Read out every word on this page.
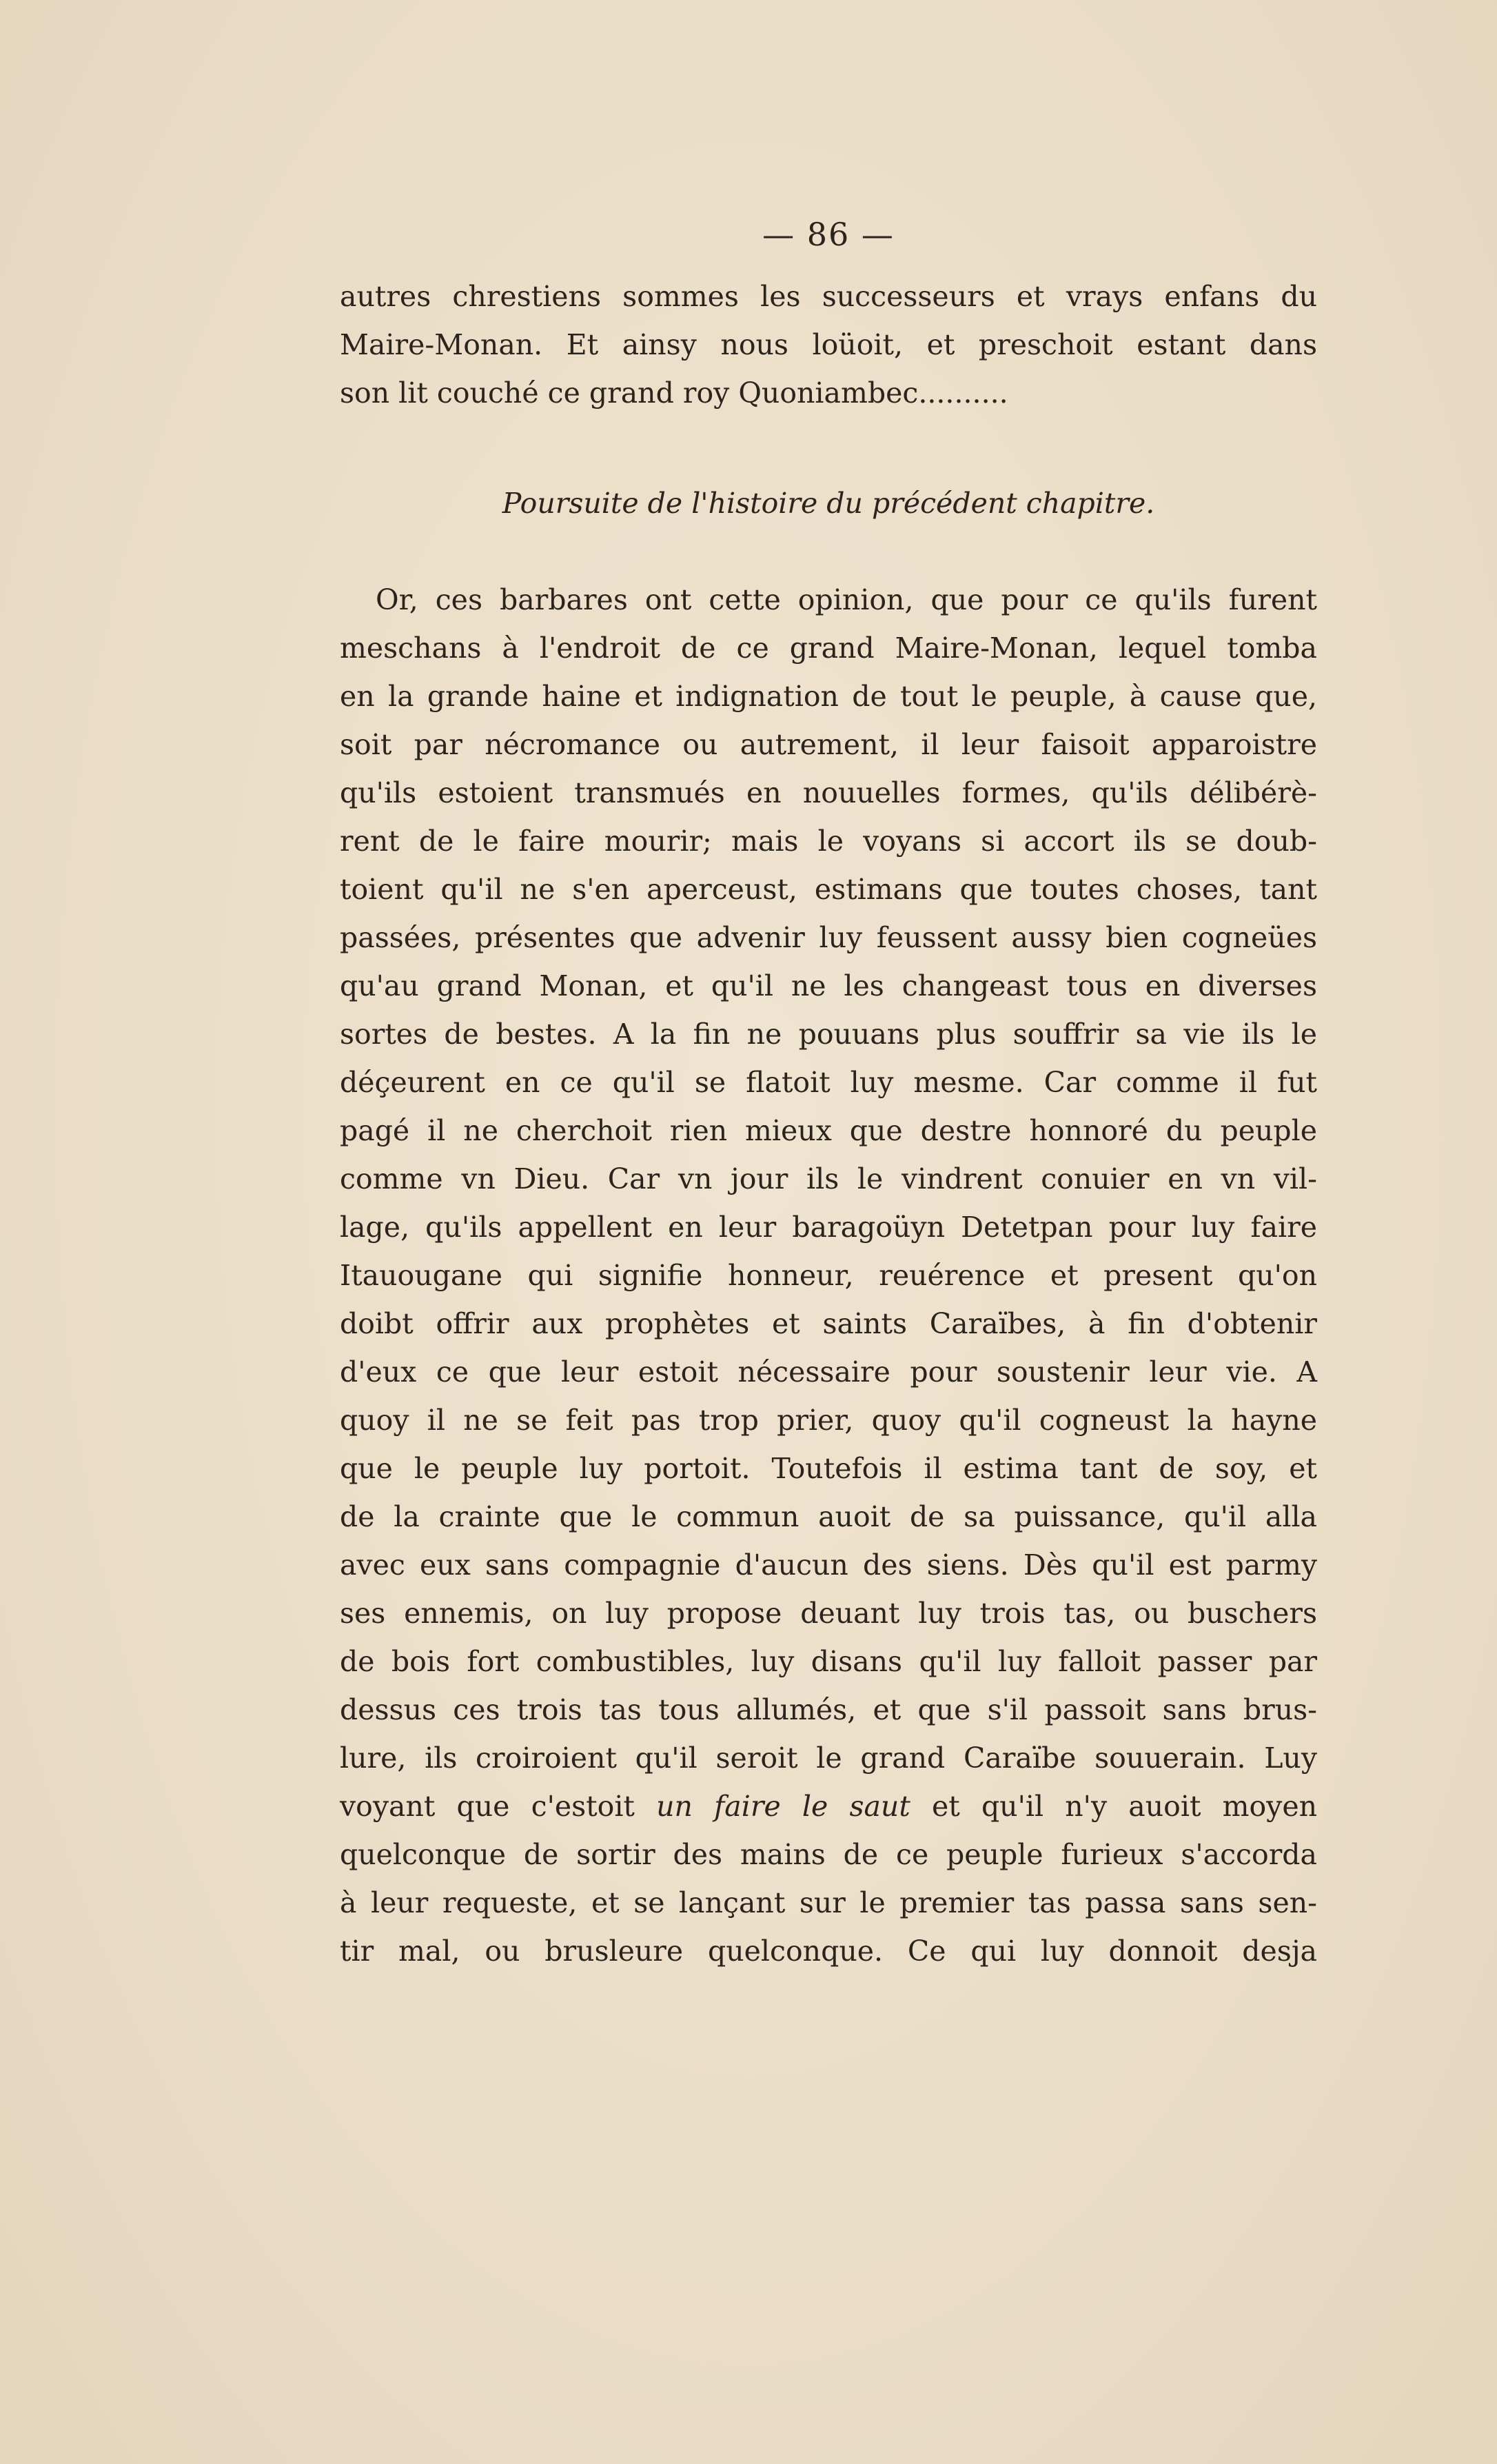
— 86 —
autres chrestiens sommes les successeurs et vrays enfans du
Maire-Monan. Et ainsy nous loüoit, et preschoit estant dans
son lit couché ce grand roy Quoniambec..........
Poursuite de l'histoire du précédent chapitre.
Or, ces barbares ont cette opinion, que pour ce qu'ils furent
meschans à l'endroit de ce grand Maire-Monan, lequel tomba
en la grande haine et indignation de tout le peuple, à cause que,
soit par nécromance ou autrement, il leur faisoit apparoistre
qu'ils estoient transmués en nouuelles formes, qu'ils délibérè-
rent de le faire mourir; mais le voyans si accort ils se doub-
toient qu'il ne s'en aperceust, estimans que toutes choses, tant
passées, présentes que advenir luy feussent aussy bien cogneües
qu'au grand Monan, et qu'il ne les changeast tous en diverses
sortes de bestes. A la fin ne pouuans plus souffrir sa vie ils le
déçeurent en ce qu'il se flatoit luy mesme. Car comme il fut
pagé il ne cherchoit rien mieux que destre honnoré du peuple
comme vn Dieu. Car vn jour ils le vindrent conuier en vn vil-
lage, qu'ils appellent en leur baragoüyn Detetpan pour luy faire
Itauougane qui signifie honneur, reuérence et present qu'on
doibt offrir aux prophètes et saints Caraïbes, à fin d'obtenir
d'eux ce que leur estoit nécessaire pour soustenir leur vie. A
quoy il ne se feit pas trop prier, quoy qu'il cogneust la hayne
que le peuple luy portoit. Toutefois il estima tant de soy, et
de la crainte que le commun auoit de sa puissance, qu'il alla
avec eux sans compagnie d'aucun des siens. Dès qu'il est parmy
ses ennemis, on luy propose deuant luy trois tas, ou buschers
de bois fort combustibles, luy disans qu'il luy falloit passer par
dessus ces trois tas tous allumés, et que s'il passoit sans brus-
lure, ils croiroient qu'il seroit le grand Caraïbe souuerain. Luy
voyant que c'estoit un faire le saut et qu'il n'y auoit moyen
quelconque de sortir des mains de ce peuple furieux s'accorda
à leur requeste, et se lançant sur le premier tas passa sans sen-
tir mal, ou brusleure quelconque. Ce qui luy donnoit desja
